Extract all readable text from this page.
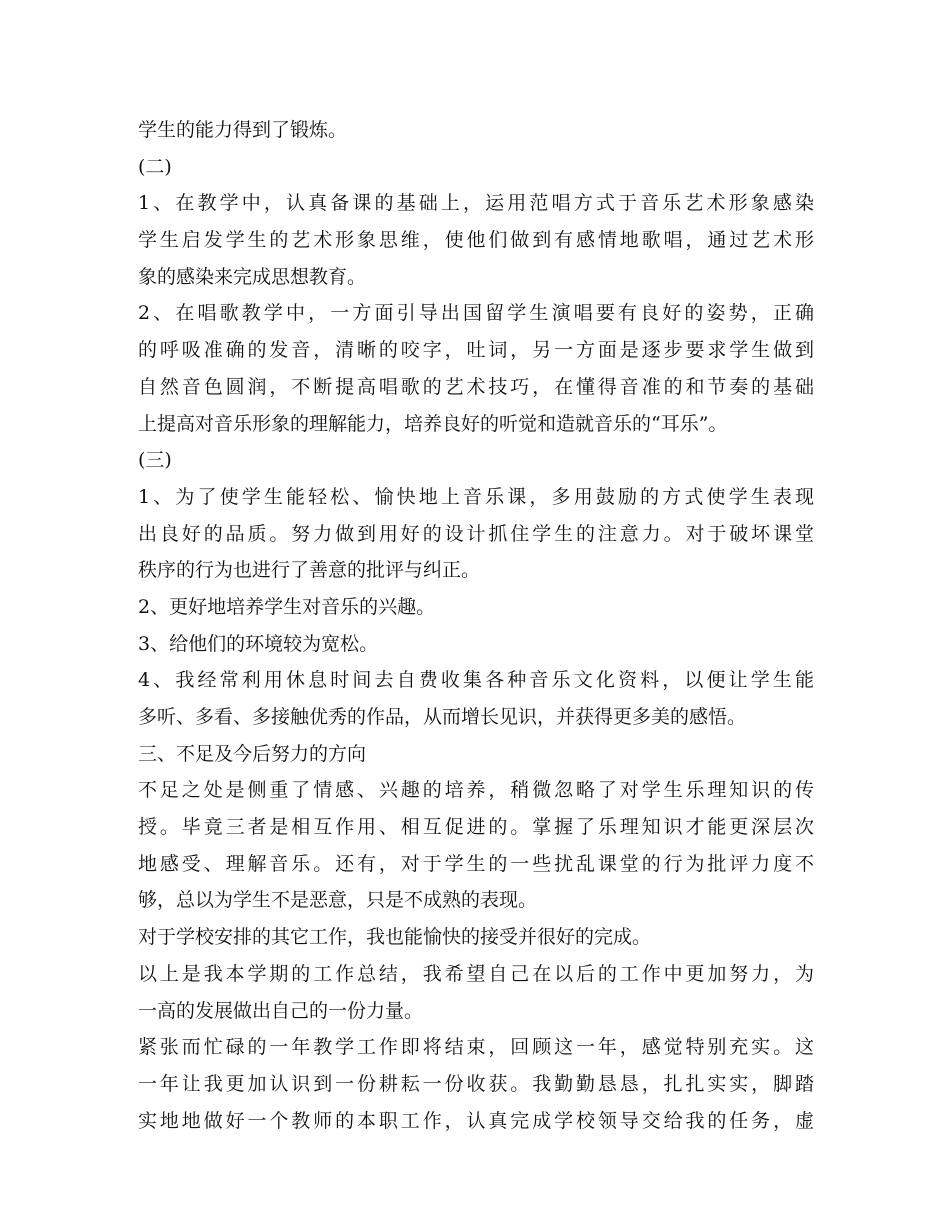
学生的能力得到了锻炼。
(二)
1、在教学中，认真备课的基础上，运用范唱方式于音乐艺术形象感染
学生启发学生的艺术形象思维，使他们做到有感情地歌唱，通过艺术形
象的感染来完成思想教育。
2、在唱歌教学中，一方面引导出国留学生演唱要有良好的姿势，正确
的呼吸准确的发音，清晰的咬字，吐词，另一方面是逐步要求学生做到
自然音色圆润，不断提高唱歌的艺术技巧，在懂得音准的和节奏的基础
上提高对音乐形象的理解能力，培养良好的听觉和造就音乐的“耳乐”。
(三)
1、为了使学生能轻松、愉快地上音乐课，多用鼓励的方式使学生表现
出良好的品质。努力做到用好的设计抓住学生的注意力。对于破坏课堂
秩序的行为也进行了善意的批评与纠正。
2、更好地培养学生对音乐的兴趣。
3、给他们的环境较为宽松。
4、我经常利用休息时间去自费收集各种音乐文化资料，以便让学生能
多听、多看、多接触优秀的作品，从而增长见识，并获得更多美的感悟。
三、不足及今后努力的方向
不足之处是侧重了情感、兴趣的培养，稍微忽略了对学生乐理知识的传
授。毕竟三者是相互作用、相互促进的。掌握了乐理知识才能更深层次
地感受、理解音乐。还有，对于学生的一些扰乱课堂的行为批评力度不
够，总以为学生不是恶意，只是不成熟的表现。
对于学校安排的其它工作，我也能愉快的接受并很好的完成。
以上是我本学期的工作总结，我希望自己在以后的工作中更加努力，为
一高的发展做出自己的一份力量。
紧张而忙碌的一年教学工作即将结束，回顾这一年，感觉特别充实。这
一年让我更加认识到一份耕耘一份收获。我勤勤恳恳，扎扎实实，脚踏
实地地做好一个教师的本职工作，认真完成学校领导交给我的任务，虚
